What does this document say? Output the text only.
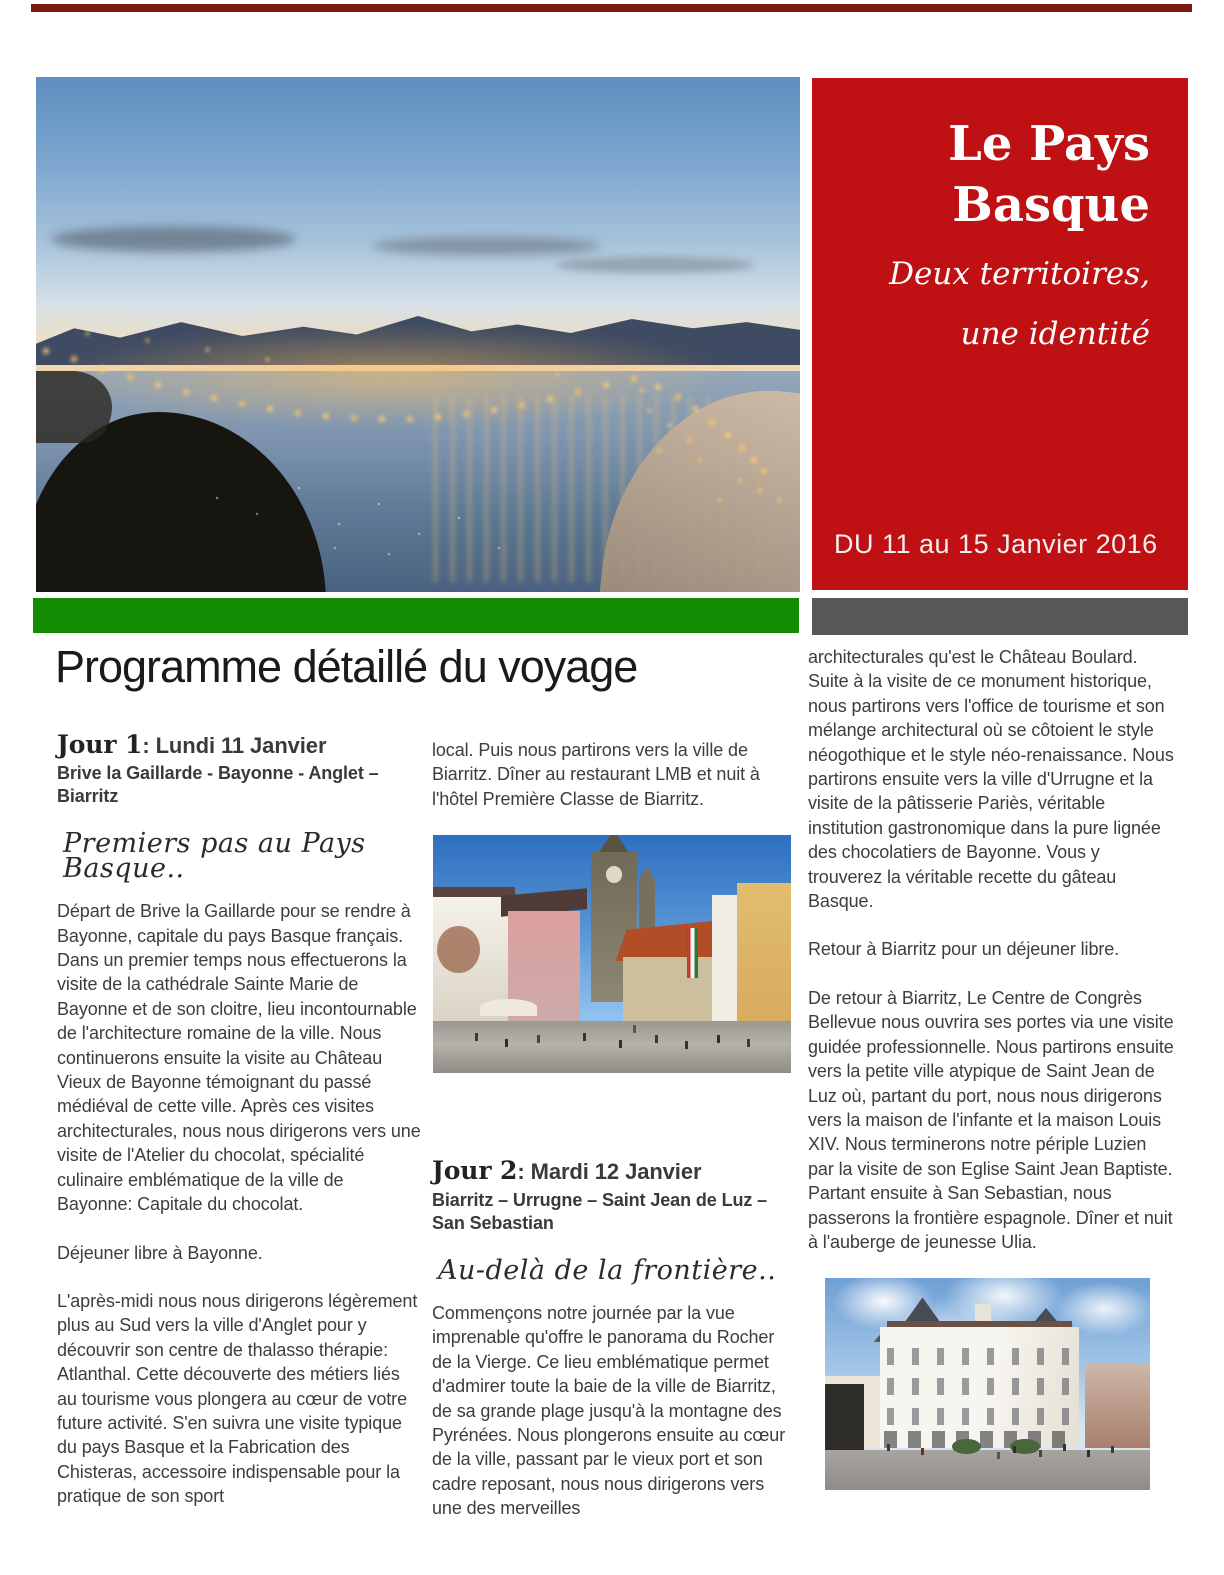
Le Pays
Basque
Deux territoires,
une identité
DU 11 au 15 Janvier 2016
Programme détaillé du voyage
Jour 1: Lundi 11 Janvier
Brive la Gaillarde - Bayonne - Anglet – Biarritz
Premiers pas au Pays Basque..

Départ de Brive la Gaillarde pour se rendre à Bayonne, capitale du pays Basque français. Dans un premier temps nous effectuerons la visite de la cathédrale Sainte Marie de Bayonne et de son cloitre, lieu incontournable de l'architecture romaine de la ville. Nous continuerons ensuite la visite au Château Vieux de Bayonne témoignant du passé médiéval de cette ville. Après ces visites architecturales, nous nous dirigerons vers une visite de l'Atelier du chocolat, spécialité culinaire emblématique de la ville de Bayonne: Capitale du chocolat.

Déjeuner libre à Bayonne.

L'après-midi nous nous dirigerons légèrement plus au Sud vers la ville d'Anglet pour y découvrir son centre de thalasso thérapie: Atlanthal. Cette découverte des métiers liés au tourisme vous plongera au cœur de votre future activité. S'en suivra une visite typique du pays Basque et la Fabrication des Chisteras, accessoire indispensable pour la pratique de son sport

local. Puis nous partirons vers la ville de Biarritz. Dîner au restaurant LMB et nuit à l'hôtel Première Classe de Biarritz.

Jour 2: Mardi 12 Janvier
Biarritz – Urrugne – Saint Jean de Luz – San Sebastian
Au-delà de la frontière..

Commençons notre journée par la vue imprenable qu'offre le panorama du Rocher de la Vierge. Ce lieu emblématique permet d'admirer toute la baie de la ville de Biarritz, de sa grande plage jusqu'à la montagne des Pyrénées. Nous plongerons ensuite au cœur de la ville, passant par le vieux port et son cadre reposant, nous nous dirigerons vers une des merveilles

architecturales qu'est le Château Boulard. Suite à la visite de ce monument historique, nous partirons vers l'office de tourisme et son mélange architectural où se côtoient le style néogothique et le style néo-renaissance. Nous partirons ensuite vers la ville d'Urrugne et la visite de la pâtisserie Pariès, véritable institution gastronomique dans la pure lignée des chocolatiers de Bayonne. Vous y trouverez la véritable recette du gâteau Basque.

Retour à Biarritz pour un déjeuner libre.

De retour à Biarritz, Le Centre de Congrès Bellevue nous ouvrira ses portes via une visite guidée professionnelle. Nous partirons ensuite vers la petite ville atypique de Saint Jean de Luz où, partant du port, nous nous dirigerons vers la maison de l'infante et la maison Louis XIV. Nous terminerons notre périple Luzien par la visite de son Eglise Saint Jean Baptiste. Partant ensuite à San Sebastian, nous passerons la frontière espagnole. Dîner et nuit à l'auberge de jeunesse Ulia.
